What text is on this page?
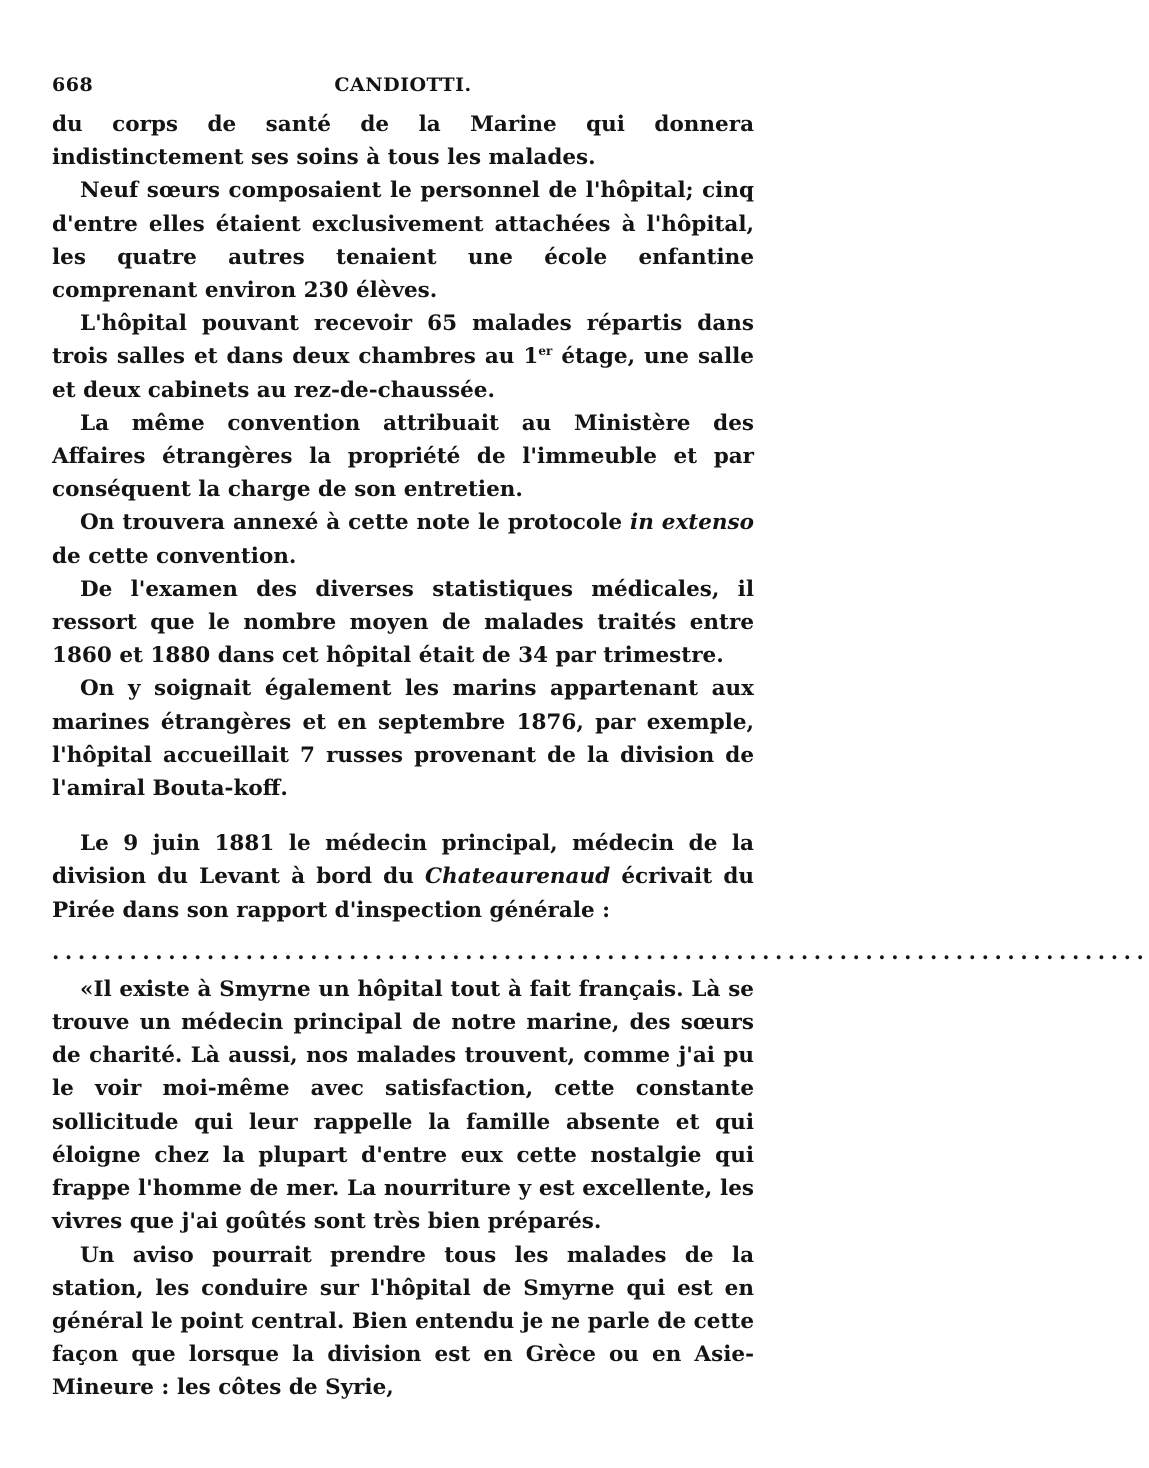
668	CANDIOTTI.

du corps de santé de la Marine qui donnera indistinctement ses soins à tous les malades.

Neuf sœurs composaient le personnel de l'hôpital; cinq d'entre elles étaient exclusivement attachées à l'hôpital, les quatre autres tenaient une école enfantine comprenant environ 230 élèves.

L'hôpital pouvant recevoir 65 malades répartis dans trois salles et dans deux chambres au 1er étage, une salle et deux cabinets au rez-de-chaussée.

La même convention attribuait au Ministère des Affaires étrangères la propriété de l'immeuble et par conséquent la charge de son entretien.

On trouvera annexé à cette note le protocole in extenso de cette convention.

De l'examen des diverses statistiques médicales, il ressort que le nombre moyen de malades traités entre 1860 et 1880 dans cet hôpital était de 34 par trimestre.

On y soignait également les marins appartenant aux marines étrangères et en septembre 1876, par exemple, l'hôpital accueillait 7 russes provenant de la division de l'amiral Bouta-koff.

Le 9 juin 1881 le médecin principal, médecin de la division du Levant à bord du Chateaurenaud écrivait du Pirée dans son rapport d'inspection générale :

.....................................................................................

«Il existe à Smyrne un hôpital tout à fait français. Là se trouve un médecin principal de notre marine, des sœurs de charité. Là aussi, nos malades trouvent, comme j'ai pu le voir moi-même avec satisfaction, cette constante sollicitude qui leur rappelle la famille absente et qui éloigne chez la plupart d'entre eux cette nostalgie qui frappe l'homme de mer. La nourriture y est excellente, les vivres que j'ai goûtés sont très bien préparés.

Un aviso pourrait prendre tous les malades de la station, les conduire sur l'hôpital de Smyrne qui est en général le point central. Bien entendu je ne parle de cette façon que lorsque la division est en Grèce ou en Asie-Mineure : les côtes de Syrie,
